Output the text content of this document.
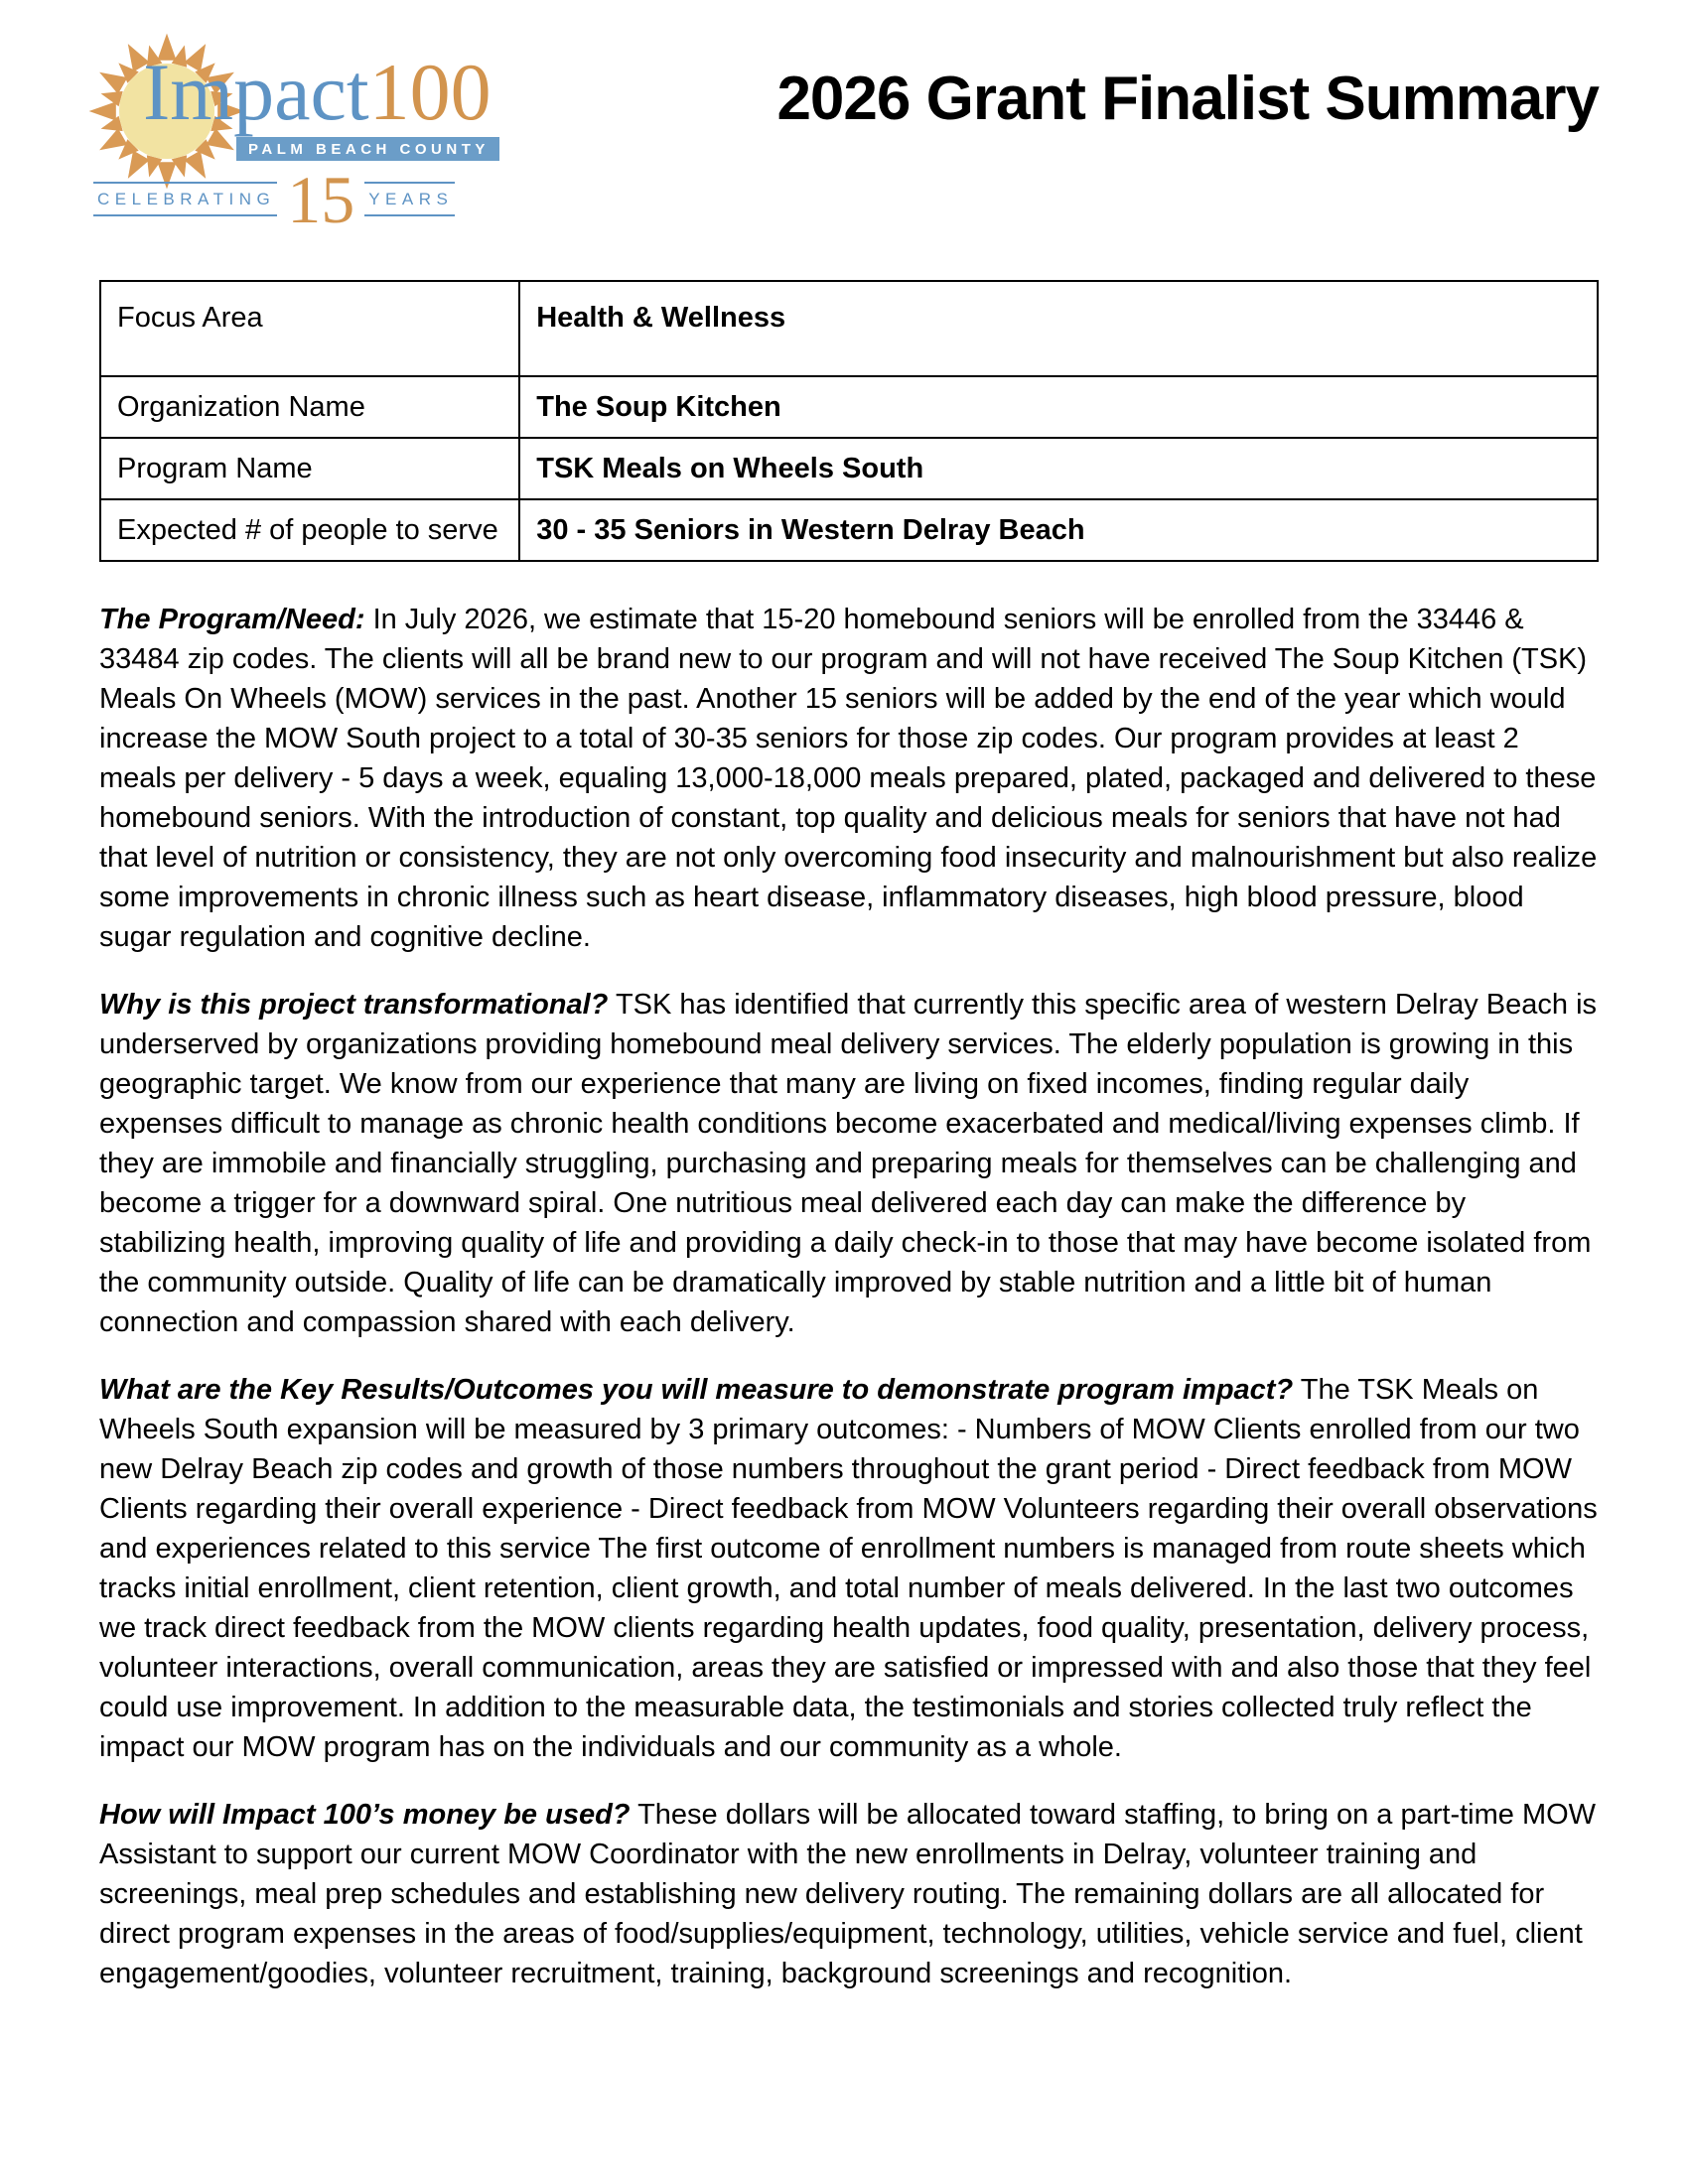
Impact100
PALM BEACH COUNTY
CELEBRATING 15 YEARS
2026 Grant Finalist Summary
Focus Area	Health & Wellness
Organization Name	The Soup Kitchen
Program Name	TSK Meals on Wheels South
Expected # of people to serve	30 - 35 Seniors in Western Delray Beach

The Program/Need: In July 2026, we estimate that 15-20 homebound seniors will be enrolled from the 33446 & 33484 zip codes. The clients will all be brand new to our program and will not have received The Soup Kitchen (TSK) Meals On Wheels (MOW) services in the past. Another 15 seniors will be added by the end of the year which would increase the MOW South project to a total of 30-35 seniors for those zip codes. Our program provides at least 2 meals per delivery - 5 days a week, equaling 13,000-18,000 meals prepared, plated, packaged and delivered to these homebound seniors. With the introduction of constant, top quality and delicious meals for seniors that have not had that level of nutrition or consistency, they are not only overcoming food insecurity and malnourishment but also realize some improvements in chronic illness such as heart disease, inflammatory diseases, high blood pressure, blood sugar regulation and cognitive decline.

Why is this project transformational? TSK has identified that currently this specific area of western Delray Beach is underserved by organizations providing homebound meal delivery services. The elderly population is growing in this geographic target. We know from our experience that many are living on fixed incomes, finding regular daily expenses difficult to manage as chronic health conditions become exacerbated and medical/living expenses climb. If they are immobile and financially struggling, purchasing and preparing meals for themselves can be challenging and become a trigger for a downward spiral. One nutritious meal delivered each day can make the difference by stabilizing health, improving quality of life and providing a daily check-in to those that may have become isolated from the community outside. Quality of life can be dramatically improved by stable nutrition and a little bit of human connection and compassion shared with each delivery.

What are the Key Results/Outcomes you will measure to demonstrate program impact? The TSK Meals on Wheels South expansion will be measured by 3 primary outcomes: - Numbers of MOW Clients enrolled from our two new Delray Beach zip codes and growth of those numbers throughout the grant period - Direct feedback from MOW Clients regarding their overall experience - Direct feedback from MOW Volunteers regarding their overall observations and experiences related to this service The first outcome of enrollment numbers is managed from route sheets which tracks initial enrollment, client retention, client growth, and total number of meals delivered. In the last two outcomes we track direct feedback from the MOW clients regarding health updates, food quality, presentation, delivery process, volunteer interactions, overall communication, areas they are satisfied or impressed with and also those that they feel could use improvement. In addition to the measurable data, the testimonials and stories collected truly reflect the impact our MOW program has on the individuals and our community as a whole.

How will Impact 100’s money be used? These dollars will be allocated toward staffing, to bring on a part-time MOW Assistant to support our current MOW Coordinator with the new enrollments in Delray, volunteer training and screenings, meal prep schedules and establishing new delivery routing. The remaining dollars are all allocated for direct program expenses in the areas of food/supplies/equipment, technology, utilities, vehicle service and fuel, client engagement/goodies, volunteer recruitment, training, background screenings and recognition.
